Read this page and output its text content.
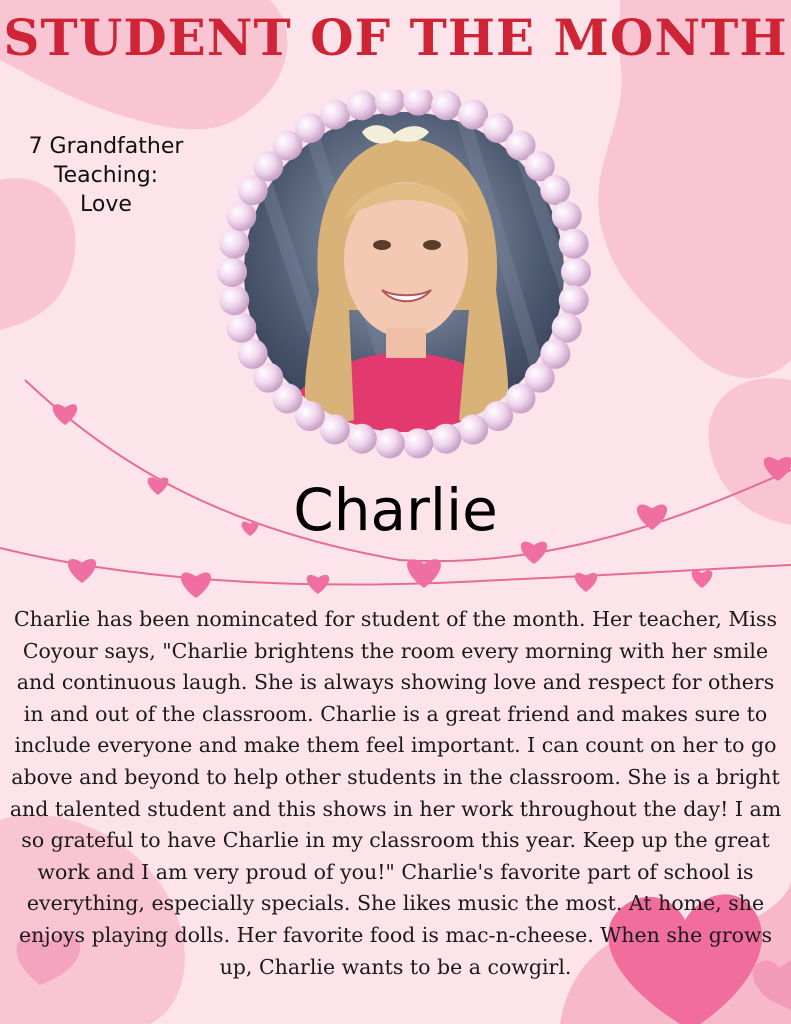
STUDENT OF THE MONTH
7 Grandfather
Teaching:
Love
Charlie
Charlie has been nomincated for student of the month. Her teacher, Miss
Coyour says, "Charlie brightens the room every morning with her smile
and continuous laugh. She is always showing love and respect for others
in and out of the classroom. Charlie is a great friend and makes sure to
include everyone and make them feel important. I can count on her to go
above and beyond to help other students in the classroom. She is a bright
and talented student and this shows in her work throughout the day! I am
so grateful to have Charlie in my classroom this year. Keep up the great
work and I am very proud of you!" Charlie's favorite part of school is
everything, especially specials. She likes music the most. At home, she
enjoys playing dolls. Her favorite food is mac-n-cheese. When she grows
up, Charlie wants to be a cowgirl.
